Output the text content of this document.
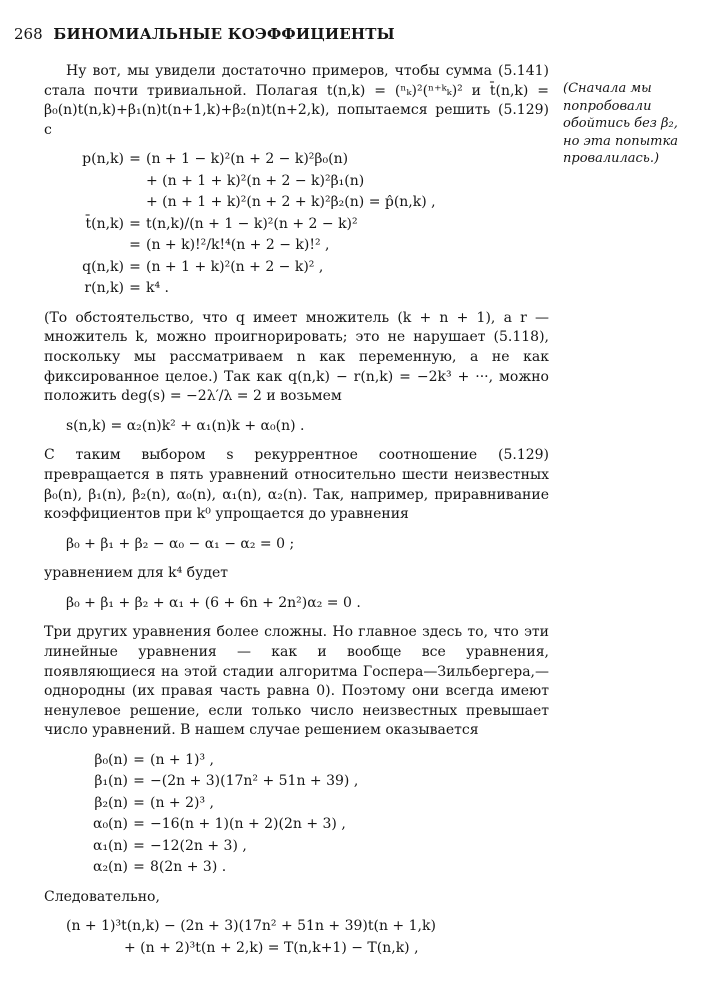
268 БИНОМИАЛЬНЫЕ КОЭФФИЦИЕНТЫ
(Сначала мы попробовали обойтись без β₂, но эта попытка провалилась.)

Ну вот, мы увидели достаточно примеров, чтобы сумма (5.141) стала почти тривиальной. Полагая t(n,k) = (ⁿₖ)²(ⁿ⁺ᵏₖ)² и t̄(n,k) = β₀(n)t(n,k)+β₁(n)t(n+1,k)+β₂(n)t(n+2,k), попытаемся решить (5.129) с

p(n,k) = (n + 1 − k)²(n + 2 − k)²β₀(n)
+ (n + 1 + k)²(n + 2 − k)²β₁(n)
+ (n + 1 + k)²(n + 2 + k)²β₂(n) = p̂(n,k) ,
t̄(n,k) = t(n,k)/(n + 1 − k)²(n + 2 − k)²
= (n + k)!²/k!⁴(n + 2 − k)!² ,
q(n,k) = (n + 1 + k)²(n + 2 − k)² ,
r(n,k) = k⁴ .

(То обстоятельство, что q имеет множитель (k + n + 1), а r — множитель k, можно проигнорировать; это не нарушает (5.118), поскольку мы рассматриваем n как переменную, а не как фиксированное целое.) Так как q(n,k) − r(n,k) = −2k³ + ···, можно положить deg(s) = −2λ′/λ = 2 и возьмем

s(n,k) = α₂(n)k² + α₁(n)k + α₀(n) .

С таким выбором s рекуррентное соотношение (5.129) превращается в пять уравнений относительно шести неизвестных β₀(n), β₁(n), β₂(n), α₀(n), α₁(n), α₂(n). Так, например, приравнивание коэффициентов при k⁰ упрощается до уравнения

β₀ + β₁ + β₂ − α₀ − α₁ − α₂ = 0 ;

уравнением для k⁴ будет

β₀ + β₁ + β₂ + α₁ + (6 + 6n + 2n²)α₂ = 0 .

Три других уравнения более сложны. Но главное здесь то, что эти линейные уравнения — как и вообще все уравнения, появляющиеся на этой стадии алгоритма Госпера—Зильбергера,— однородны (их правая часть равна 0). Поэтому они всегда имеют ненулевое решение, если только число неизвестных превышает число уравнений. В нашем случае решением оказывается

β₀(n) = (n + 1)³ ,
β₁(n) = −(2n + 3)(17n² + 51n + 39) ,
β₂(n) = (n + 2)³ ,
α₀(n) = −16(n + 1)(n + 2)(2n + 3) ,
α₁(n) = −12(2n + 3) ,
α₂(n) = 8(2n + 3) .

Следовательно,

(n + 1)³t(n,k) − (2n + 3)(17n² + 51n + 39)t(n + 1,k)
+ (n + 2)³t(n + 2,k) = T(n,k+1) − T(n,k) ,
